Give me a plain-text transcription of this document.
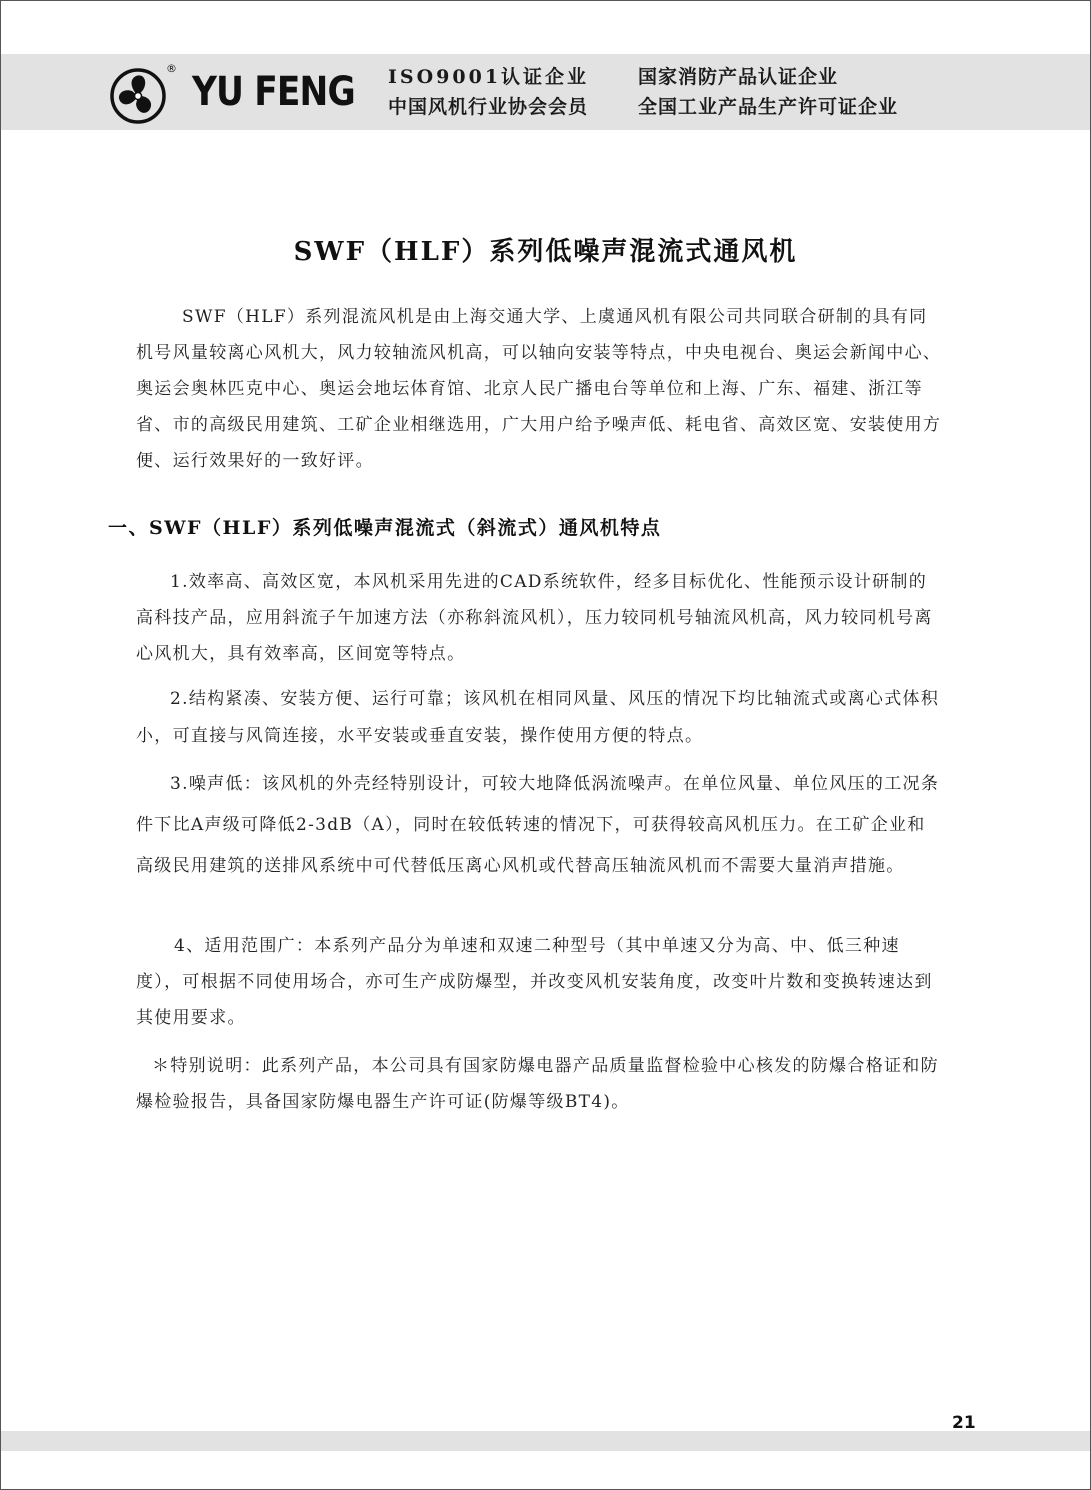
®
YU FENG ISO9001认证企业	国家消防产品认证企业
中国风机行业协会会员	全国工业产品生产许可证企业
SWF（HLF）系列低噪声混流式通风机

SWF（HLF）系列混流风机是由上海交通大学、上虞通风机有限公司共同联合研制的具有同机号风量较离心风机大，风力较轴流风机高，可以轴向安装等特点，中央电视台、奥运会新闻中心、奥运会奥林匹克中心、奥运会地坛体育馆、北京人民广播电台等单位和上海、广东、福建、浙江等省、市的高级民用建筑、工矿企业相继选用，广大用户给予噪声低、耗电省、高效区宽、安装使用方便、运行效果好的一致好评。

一、SWF（HLF）系列低噪声混流式（斜流式）通风机特点

1.效率高、高效区宽，本风机采用先进的CAD系统软件，经多目标优化、性能预示设计研制的高科技产品，应用斜流子午加速方法（亦称斜流风机），压力较同机号轴流风机高，风力较同机号离心风机大，具有效率高，区间宽等特点。

2.结构紧凑、安装方便、运行可靠；该风机在相同风量、风压的情况下均比轴流式或离心式体积小，可直接与风筒连接，水平安装或垂直安装，操作使用方便的特点。

3.噪声低：该风机的外壳经特别设计，可较大地降低涡流噪声。在单位风量、单位风压的工况条件下比A声级可降低2-3dB（A），同时在较低转速的情况下，可获得较高风机压力。在工矿企业和高级民用建筑的送排风系统中可代替低压离心风机或代替高压轴流风机而不需要大量消声措施。

4、适用范围广：本系列产品分为单速和双速二种型号（其中单速又分为高、中、低三种速度），可根据不同使用场合，亦可生产成防爆型，并改变风机安装角度，改变叶片数和变换转速达到其使用要求。

＊特别说明：此系列产品，本公司具有国家防爆电器产品质量监督检验中心核发的防爆合格证和防爆检验报告，具备国家防爆电器生产许可证(防爆等级BT4)。

21
